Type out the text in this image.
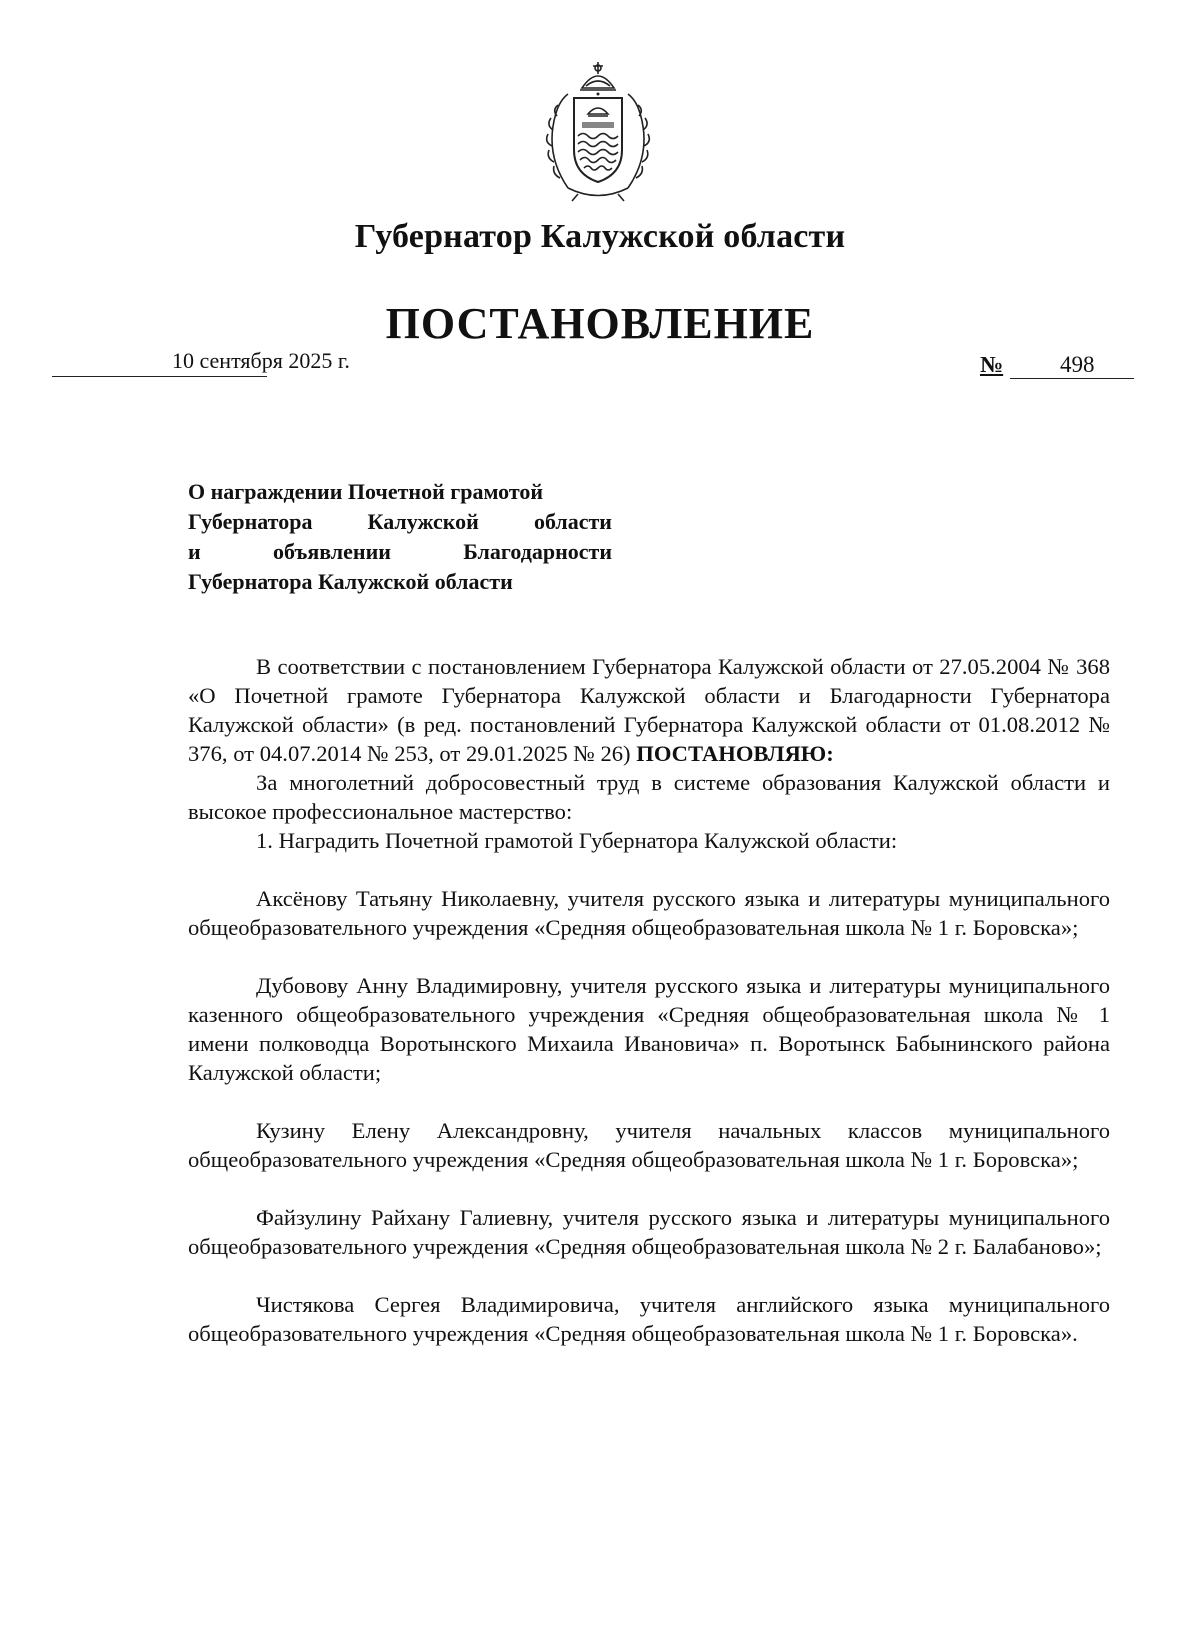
Губернатор Калужской области
ПОСТАНОВЛЕНИЕ
10 сентября 2025 г.	№ 498
О награждении Почетной грамотой
Губернатора Калужской области
и объявлении Благодарности
Губернатора Калужской области

В соответствии с постановлением Губернатора Калужской области от 27.05.2004 № 368 «О Почетной грамоте Губернатора Калужской области и Благодарности Губернатора Калужской области» (в ред. постановлений Губернатора Калужской области от 01.08.2012 № 376, от 04.07.2014 № 253, от 29.01.2025 № 26) ПОСТАНОВЛЯЮ:

За многолетний добросовестный труд в системе образования Калужской области и высокое профессиональное мастерство:

1. Наградить Почетной грамотой Губернатора Калужской области:

Аксёнову Татьяну Николаевну, учителя русского языка и литературы муниципального общеобразовательного учреждения «Средняя общеобразовательная школа № 1 г. Боровска»;

Дубовову Анну Владимировну, учителя русского языка и литературы муниципального казенного общеобразовательного учреждения «Средняя общеобразовательная школа № 1 имени полководца Воротынского Михаила Ивановича» п. Воротынск Бабынинского района Калужской области;

Кузину Елену Александровну, учителя начальных классов муниципального общеобразовательного учреждения «Средняя общеобразовательная школа № 1 г. Боровска»;

Файзулину Райхану Галиевну, учителя русского языка и литературы муниципального общеобразовательного учреждения «Средняя общеобразовательная школа № 2 г. Балабаново»;

Чистякова Сергея Владимировича, учителя английского языка муниципального общеобразовательного учреждения «Средняя общеобразовательная школа № 1 г. Боровска».
